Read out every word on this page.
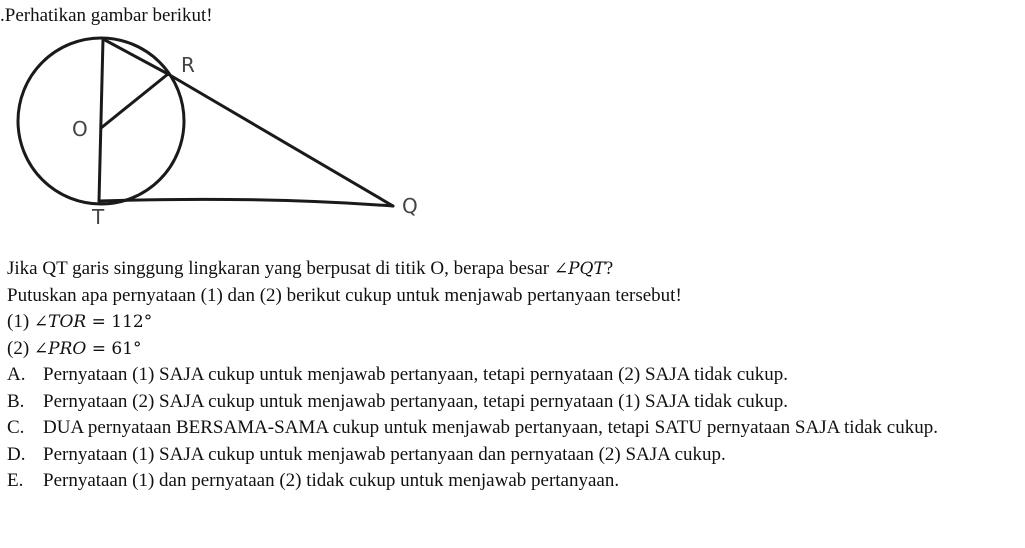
.Perhatikan gambar berikut!
R
O
T	Q
Jika QT garis singgung lingkaran yang berpusat di titik O, berapa besar ∠PQT?
Putuskan apa pernyataan (1) dan (2) berikut cukup untuk menjawab pertanyaan tersebut!
(1) ∠TOR = 112°
(2) ∠PRO = 61°
A. Pernyataan (1) SAJA cukup untuk menjawab pertanyaan, tetapi pernyataan (2) SAJA tidak cukup.
B. Pernyataan (2) SAJA cukup untuk menjawab pertanyaan, tetapi pernyataan (1) SAJA tidak cukup.
C. DUA pernyataan BERSAMA-SAMA cukup untuk menjawab pertanyaan, tetapi SATU pernyataan SAJA tidak cukup.
D. Pernyataan (1) SAJA cukup untuk menjawab pertanyaan dan pernyataan (2) SAJA cukup.
E.	Pernyataan (1) dan pernyataan (2) tidak cukup untuk menjawab pertanyaan.
